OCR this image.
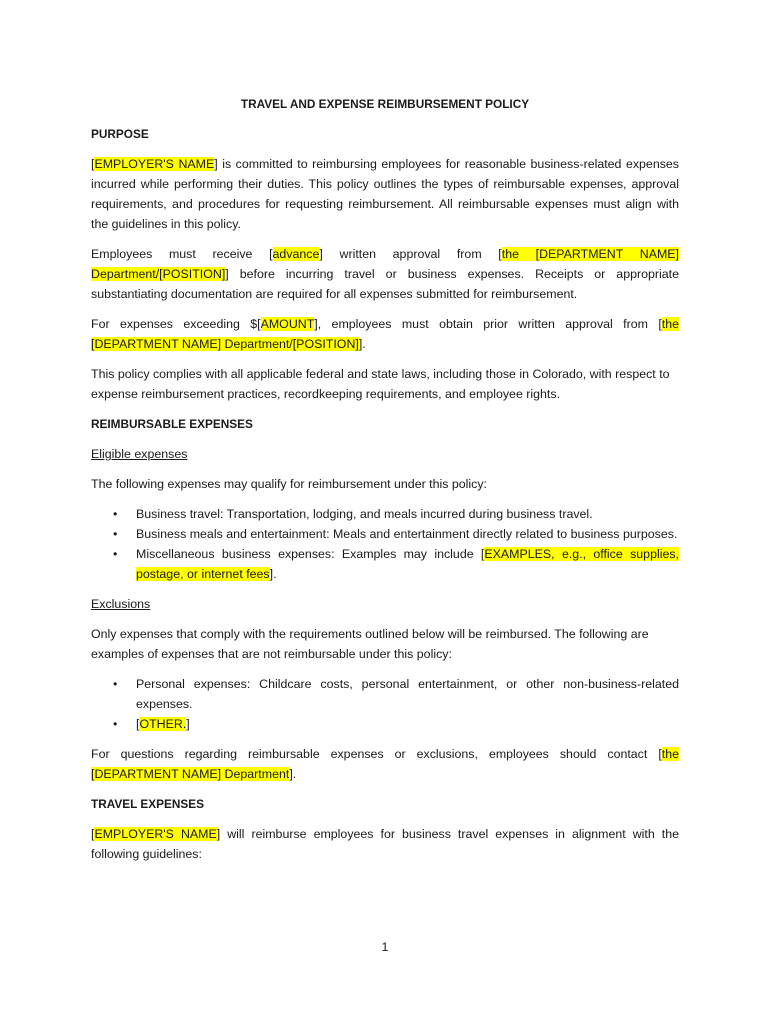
TRAVEL AND EXPENSE REIMBURSEMENT POLICY
PURPOSE

[EMPLOYER'S NAME] is committed to reimbursing employees for reasonable business-related expenses incurred while performing their duties. This policy outlines the types of reimbursable expenses, approval requirements, and procedures for requesting reimbursement. All reimbursable expenses must align with the guidelines in this policy.

Employees must receive [advance] written approval from [the [DEPARTMENT NAME] Department/[POSITION]] before incurring travel or business expenses. Receipts or appropriate substantiating documentation are required for all expenses submitted for reimbursement.

For expenses exceeding $[AMOUNT], employees must obtain prior written approval from [the [DEPARTMENT NAME] Department/[POSITION]].

This policy complies with all applicable federal and state laws, including those in Colorado, with respect to expense reimbursement practices, recordkeeping requirements, and employee rights.

REIMBURSABLE EXPENSES
Eligible expenses

The following expenses may qualify for reimbursement under this policy:

• Business travel: Transportation, lodging, and meals incurred during business travel.
• Business meals and entertainment: Meals and entertainment directly related to business purposes.
• Miscellaneous business expenses: Examples may include [EXAMPLES, e.g., office supplies, postage, or internet fees].
Exclusions

Only expenses that comply with the requirements outlined below will be reimbursed. The following are examples of expenses that are not reimbursable under this policy:

• Personal expenses: Childcare costs, personal entertainment, or other non-business-related expenses.
• [OTHER.]

For questions regarding reimbursable expenses or exclusions, employees should contact [the [DEPARTMENT NAME] Department].

TRAVEL EXPENSES

[EMPLOYER'S NAME] will reimburse employees for business travel expenses in alignment with the following guidelines:

1
